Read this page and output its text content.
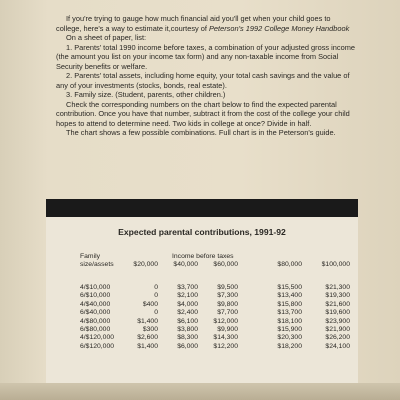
If you're trying to gauge how much financial aid you'll get when your child goes to college, here's a way to estimate it,courtesy of Peterson's 1992 College Money Handbook

On a sheet of paper, list:

1. Parents' total 1990 income before taxes, a combination of your adjusted gross income (the amount you list on your income tax form) and any non-taxable income from Social Security benefits or welfare.

2. Parents' total assets, including home equity, your total cash savings and the value of any of your investments (stocks, bonds, real estate).

3. Family size. (Student, parents, other children.)

Check the corresponding numbers on the chart below to find the expected parental contribution. Once you have that number, subtract it from the cost of the college your child hopes to attend to determine need. Two kids in college at once? Divide in half.

The chart shows a few possible combinations. Full chart is in the Peterson's guide.

Expected parental contributions, 1991-92
Family
size/assets
Income before taxes
$20,000	$40,000	$60,000	$80,000	$100,000
4/$10,000	0	$3,700	$9,500	$15,500	$21,300
6/$10,000	0	$2,100	$7,300	$13,400	$19,300
4/$40,000	$400	$4,000	$9,800	$15,800	$21,600
6/$40,000	0	$2,400	$7,700	$13,700	$19,600
4/$80,000	$1,400	$6,100	$12,000	$18,100	$23,900
6/$80,000	$300	$3,800	$9,900	$15,900	$21,900
4/$120,000	$2,600	$8,300	$14,300	$20,300	$26,200
6/$120,000	$1,400	$6,000	$12,200	$18,200	$24,100
